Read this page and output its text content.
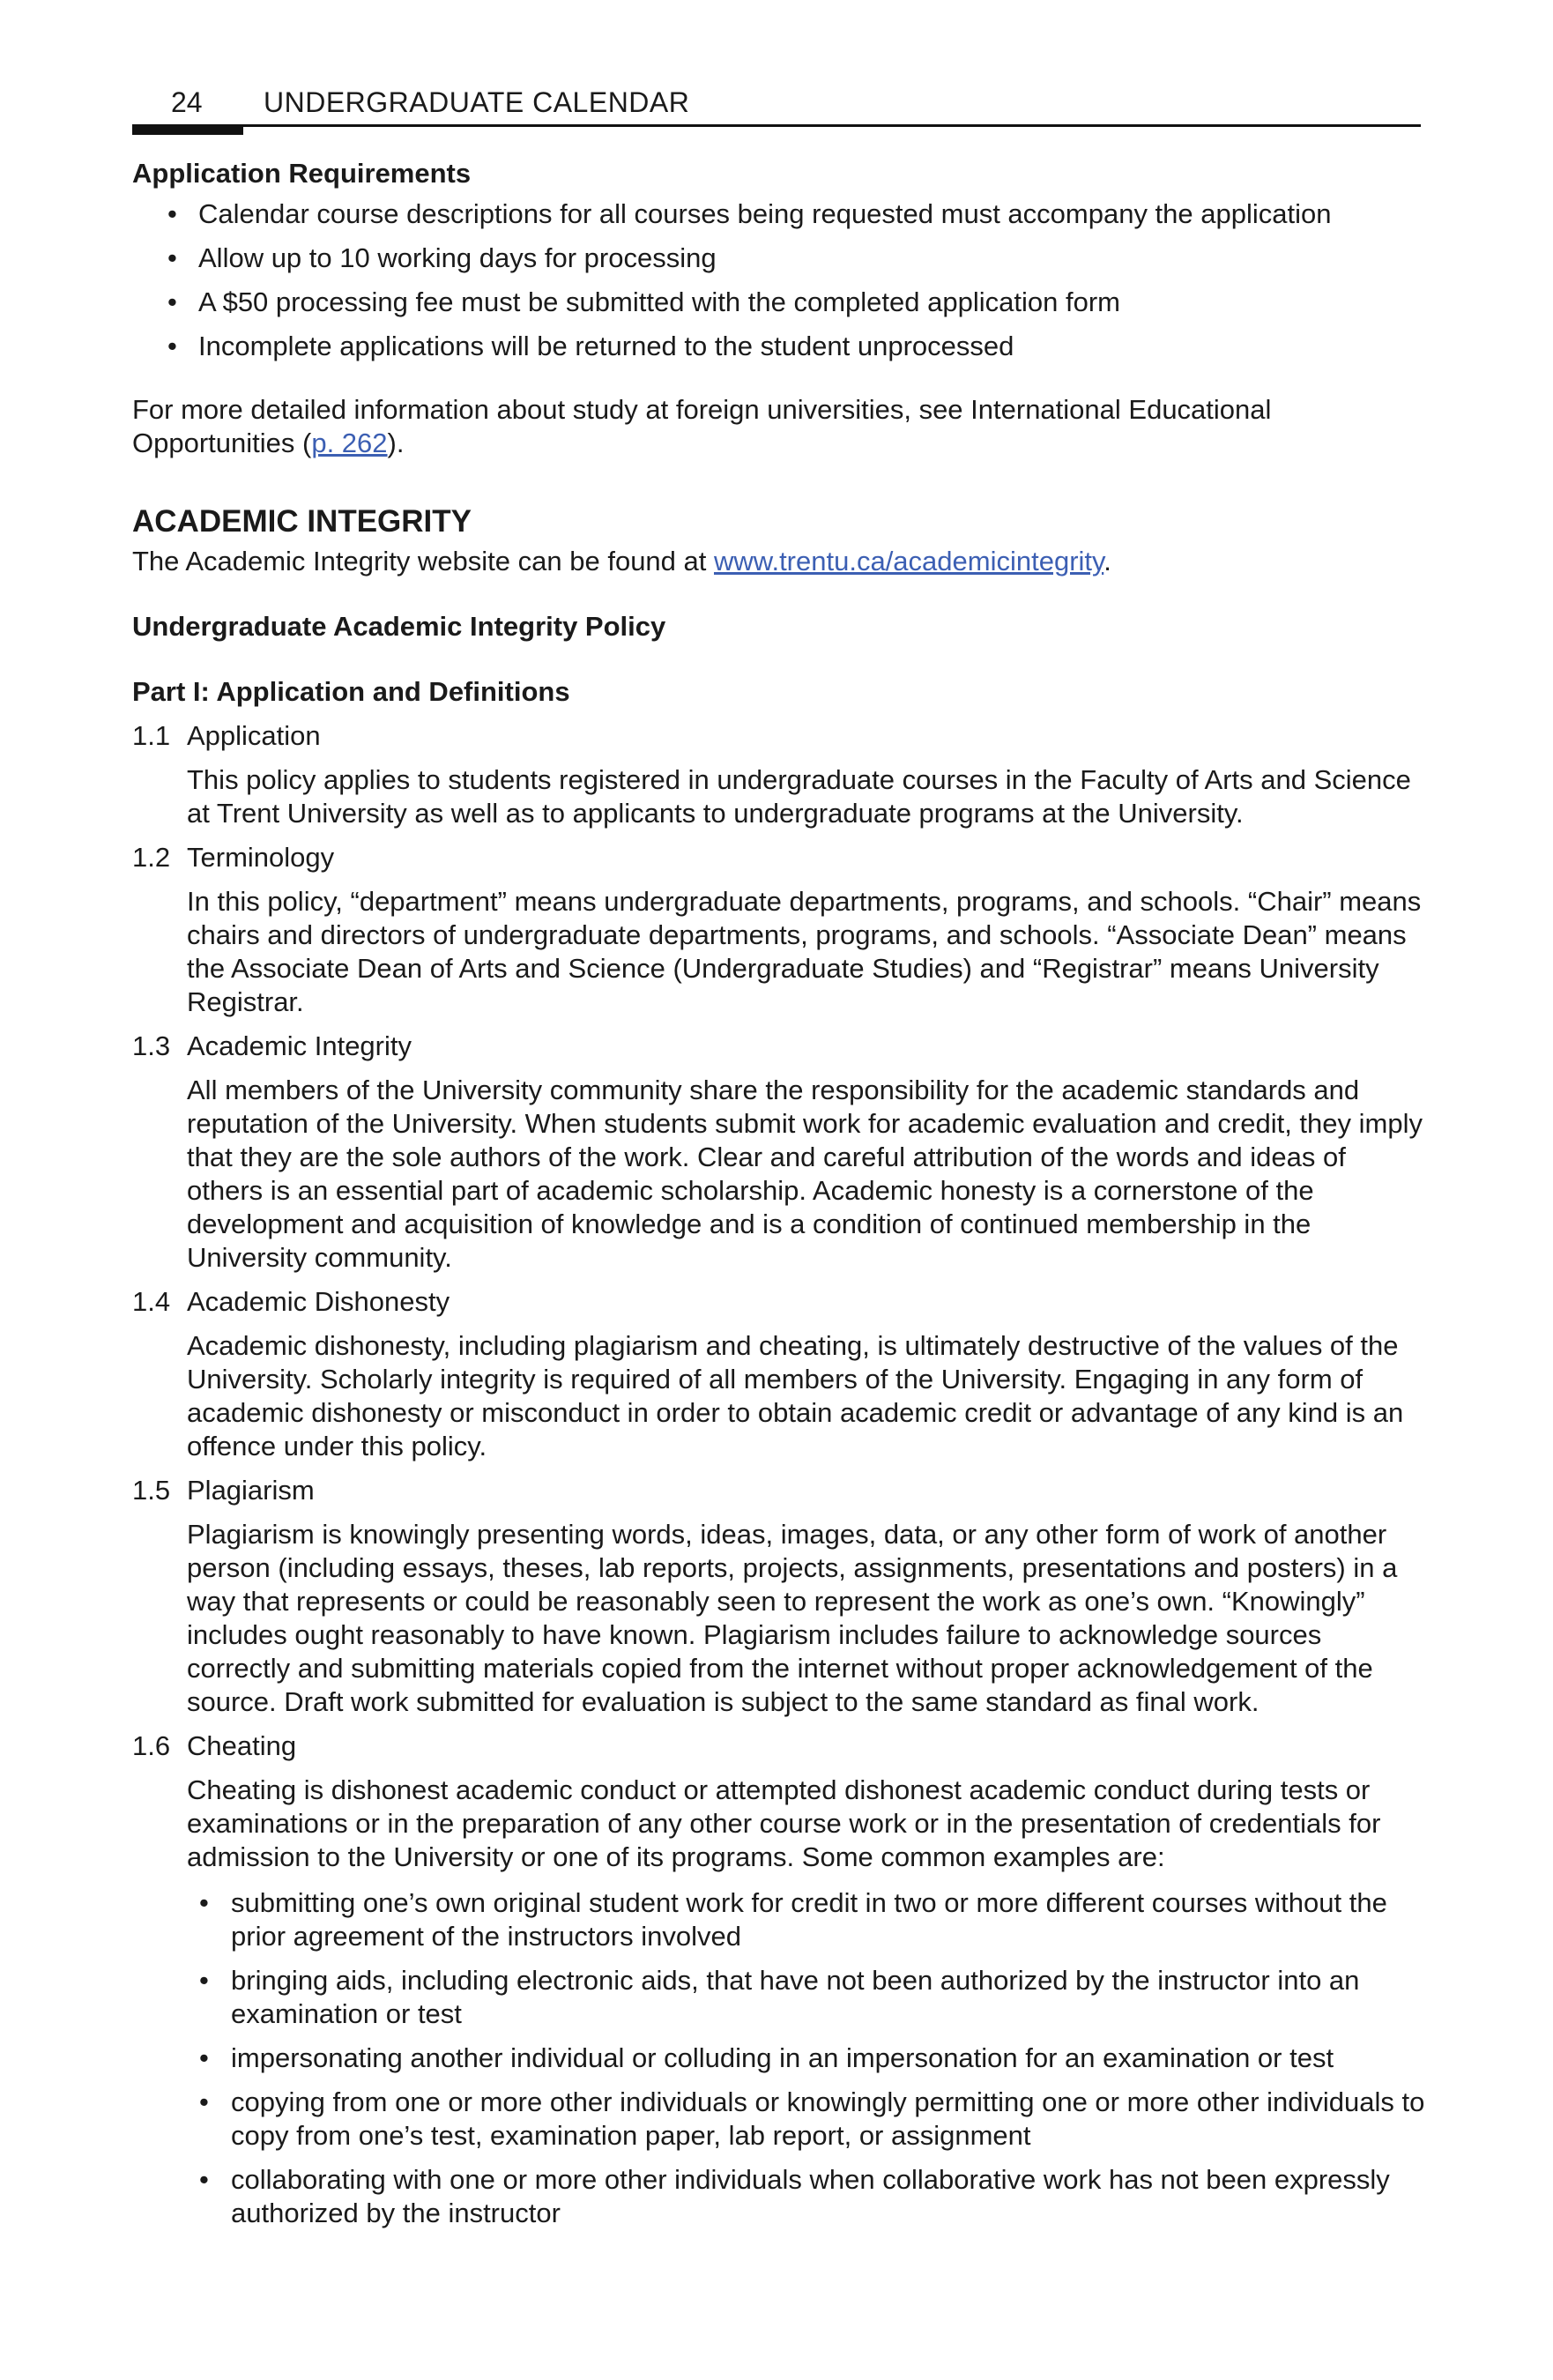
24 UNDERGRADUATE CALENDAR

Application Requirements

• Calendar course descriptions for all courses being requested must accompany the application
• Allow up to 10 working days for processing
• A $50 processing fee must be submitted with the completed application form
• Incomplete applications will be returned to the student unprocessed

For more detailed information about study at foreign universities, see International Educational Opportunities (p. 262).

ACADEMIC INTEGRITY

The Academic Integrity website can be found at www.trentu.ca/academicintegrity.

Undergraduate Academic Integrity Policy

Part I: Application and Definitions

1.1 Application

This policy applies to students registered in undergraduate courses in the Faculty of Arts and Science at Trent University as well as to applicants to undergraduate programs at the University.

1.2 Terminology

In this policy, “department” means undergraduate departments, programs, and schools. “Chair” means chairs and directors of undergraduate departments, programs, and schools. “Associate Dean” means the Associate Dean of Arts and Science (Undergraduate Studies) and “Registrar” means University Registrar.

1.3 Academic Integrity

All members of the University community share the responsibility for the academic standards and reputation of the University. When students submit work for academic evaluation and credit, they imply that they are the sole authors of the work. Clear and careful attribution of the words and ideas of others is an essential part of academic scholarship. Academic honesty is a cornerstone of the development and acquisition of knowledge and is a condition of continued membership in the University community.

1.4 Academic Dishonesty

Academic dishonesty, including plagiarism and cheating, is ultimately destructive of the values of the University. Scholarly integrity is required of all members of the University. Engaging in any form of academic dishonesty or misconduct in order to obtain academic credit or advantage of any kind is an offence under this policy.

1.5 Plagiarism

Plagiarism is knowingly presenting words, ideas, images, data, or any other form of work of another person (including essays, theses, lab reports, projects, assignments, presentations and posters) in a way that represents or could be reasonably seen to represent the work as one’s own. “Knowingly” includes ought reasonably to have known. Plagiarism includes failure to acknowledge sources correctly and submitting materials copied from the internet without proper acknowledgement of the source. Draft work submitted for evaluation is subject to the same standard as final work.

1.6 Cheating

Cheating is dishonest academic conduct or attempted dishonest academic conduct during tests or examinations or in the preparation of any other course work or in the presentation of credentials for admission to the University or one of its programs. Some common examples are:

• submitting one’s own original student work for credit in two or more different courses without the prior agreement of the instructors involved
• bringing aids, including electronic aids, that have not been authorized by the instructor into an examination or test
• impersonating another individual or colluding in an impersonation for an examination or test
• copying from one or more other individuals or knowingly permitting one or more other individuals to copy from one’s test, examination paper, lab report, or assignment
• collaborating with one or more other individuals when collaborative work has not been expressly authorized by the instructor
